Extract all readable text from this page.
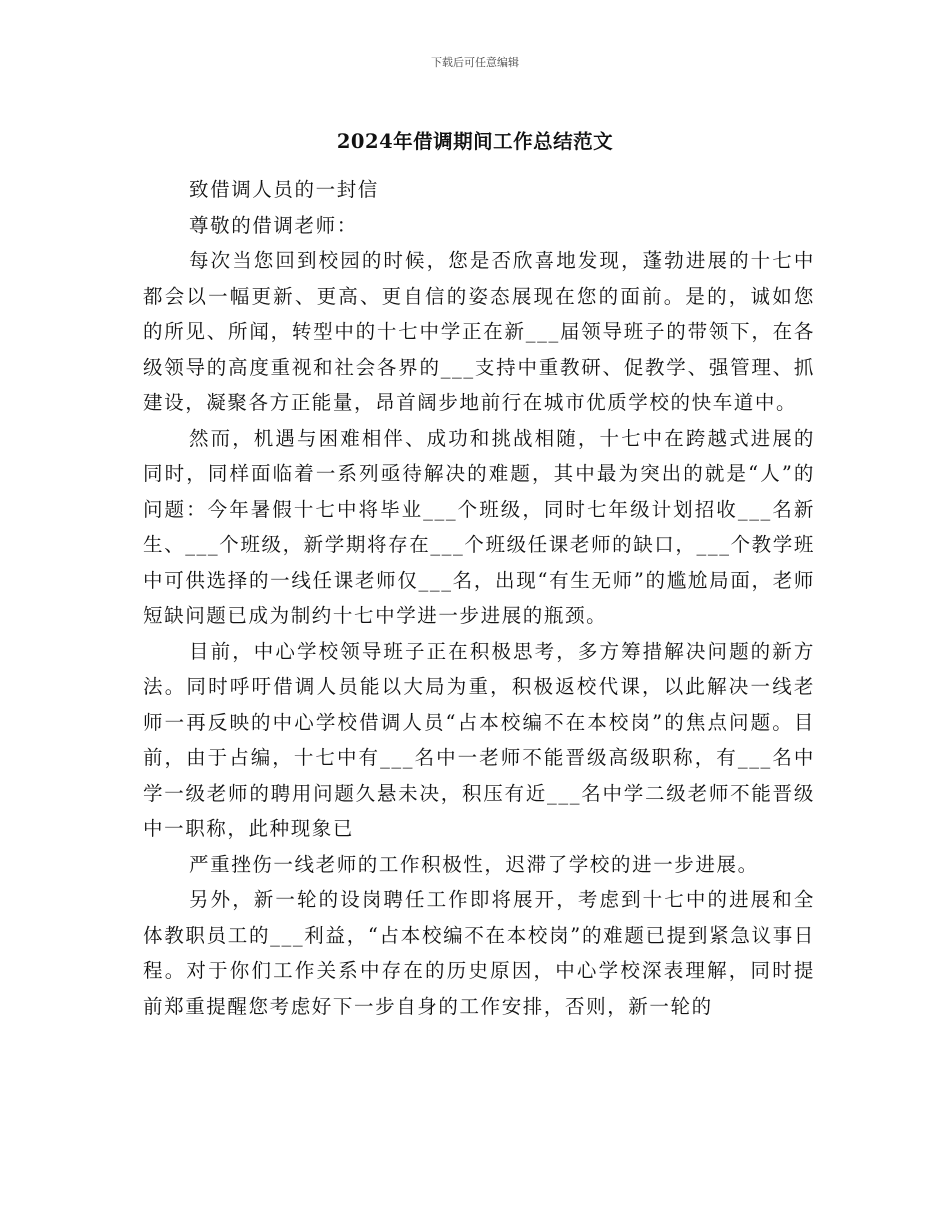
下载后可任意编辑
2024年借调期间工作总结范文

致借调人员的一封信

尊敬的借调老师：

每次当您回到校园的时候，您是否欣喜地发现，蓬勃进展的十七中都会以一幅更新、更高、更自信的姿态展现在您的面前。是的，诚如您的所见、所闻，转型中的十七中学正在新___届领导班子的带领下，在各级领导的高度重视和社会各界的___支持中重教研、促教学、强管理、抓建设，凝聚各方正能量，昂首阔步地前行在城市优质学校的快车道中。

然而，机遇与困难相伴、成功和挑战相随，十七中在跨越式进展的同时，同样面临着一系列亟待解决的难题，其中最为突出的就是“人”的问题：今年暑假十七中将毕业___个班级，同时七年级计划招收___名新生、___个班级，新学期将存在___个班级任课老师的缺口，___个教学班中可供选择的一线任课老师仅___名，出现“有生无师”的尴尬局面，老师短缺问题已成为制约十七中学进一步进展的瓶颈。

目前，中心学校领导班子正在积极思考，多方筹措解决问题的新方法。同时呼吁借调人员能以大局为重，积极返校代课，以此解决一线老师一再反映的中心学校借调人员“占本校编不在本校岗”的焦点问题。目前，由于占编，十七中有___名中一老师不能晋级高级职称，有___名中学一级老师的聘用问题久悬未决，积压有近___名中学二级老师不能晋级中一职称，此种现象已

严重挫伤一线老师的工作积极性，迟滞了学校的进一步进展。

另外，新一轮的设岗聘任工作即将展开，考虑到十七中的进展和全体教职员工的___利益，“占本校编不在本校岗”的难题已提到紧急议事日程。对于你们工作关系中存在的历史原因，中心学校深表理解，同时提前郑重提醒您考虑好下一步自身的工作安排，否则，新一轮的
